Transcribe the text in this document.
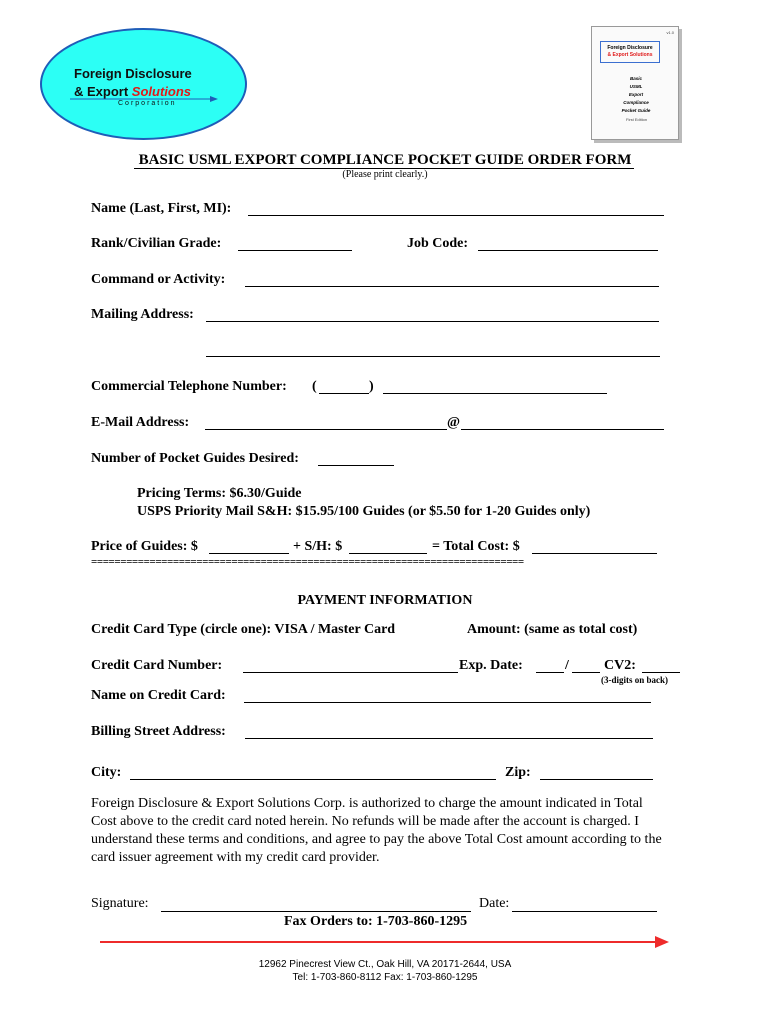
Foreign Disclosure
& Export Solutions
Corporation
v1.0
Foreign Disclosure
& Export Solutions
Basic
USML
Export
Compliance
Pocket Guide
First Edition
BASIC USML EXPORT COMPLIANCE POCKET GUIDE ORDER FORM
(Please print clearly.)
Name (Last, First, MI):
Rank/Civilian Grade:	Job Code:
Command or Activity:
Mailing Address:
Commercial Telephone Number: (	)
E-Mail Address:	@
Number of Pocket Guides Desired:
Pricing Terms: $6.30/Guide
USPS Priority Mail S&H: $15.95/100 Guides (or $5.50 for 1-20 Guides only)
Price of Guides: $	+ S/H: $	= Total Cost: $
==========================================================================
PAYMENT INFORMATION
Credit Card Type (circle one): VISA / Master Card	Amount: (same as total cost)
Credit Card Number:	Exp. Date:	/	CV2:
(3-digits on back)
Name on Credit Card:
Billing Street Address:
City:	Zip:
Foreign Disclosure & Export Solutions Corp. is authorized to charge the amount indicated in Total Cost above to the credit card noted herein. No refunds will be made after the account is charged. I understand these terms and conditions, and agree to pay the above Total Cost amount according to the card issuer agreement with my credit card provider.
Signature:	Date:
Fax Orders to: 1-703-860-1295
12962 Pinecrest View Ct., Oak Hill, VA 20171-2644, USA
Tel: 1-703-860-8112 Fax: 1-703-860-1295
